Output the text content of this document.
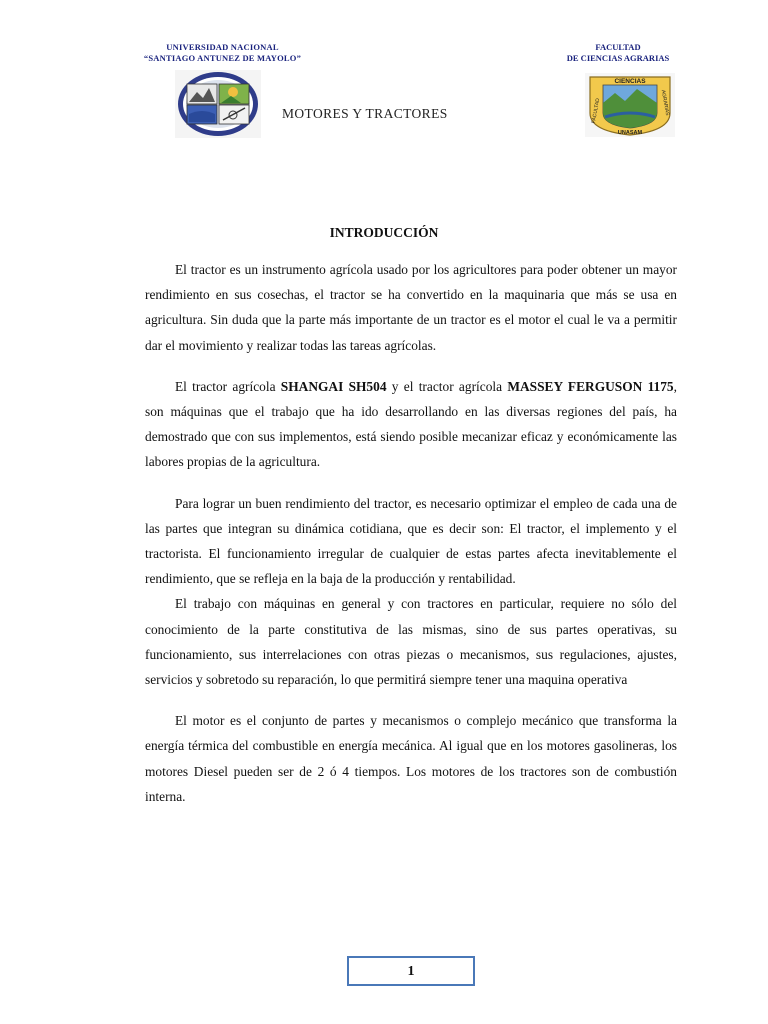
UNIVERSIDAD NACIONAL
“SANTIAGO ANTUNEZ DE MAYOLO”
FACULTAD
DE CIENCIAS AGRARIAS
MOTORES Y TRACTORES
CIENCIAS
FACULTAD	AGRARIAS
UNASAM
INTRODUCCIÓN

El tractor es un instrumento agrícola usado por los agricultores para poder obtener un mayor rendimiento en sus cosechas, el tractor se ha convertido en la maquinaria que más se usa en agricultura. Sin duda que la parte más importante de un tractor es el motor el cual le va a permitir dar el movimiento y realizar todas las tareas agrícolas.

El tractor agrícola SHANGAI SH504 y el tractor agrícola MASSEY FERGUSON 1175, son máquinas que el trabajo que ha ido desarrollando en las diversas regiones del país, ha demostrado que con sus implementos, está siendo posible mecanizar eficaz y económicamente las labores propias de la agricultura.

Para lograr un buen rendimiento del tractor, es necesario optimizar el empleo de cada una de las partes que integran su dinámica cotidiana, que es decir son: El tractor, el implemento y el tractorista. El funcionamiento irregular de cualquier de estas partes afecta inevitablemente el rendimiento, que se refleja en la baja de la producción y rentabilidad.

El trabajo con máquinas en general y con tractores en particular, requiere no sólo del conocimiento de la parte constitutiva de las mismas, sino de sus partes operativas, su funcionamiento, sus interrelaciones con otras piezas o mecanismos, sus regulaciones, ajustes, servicios y sobretodo su reparación, lo que permitirá siempre tener una maquina operativa

El motor es el conjunto de partes y mecanismos o complejo mecánico que transforma la energía térmica del combustible en energía mecánica. Al igual que en los motores gasolineras, los motores Diesel pueden ser de 2 ó 4 tiempos. Los motores de los tractores son de combustión interna.

1
